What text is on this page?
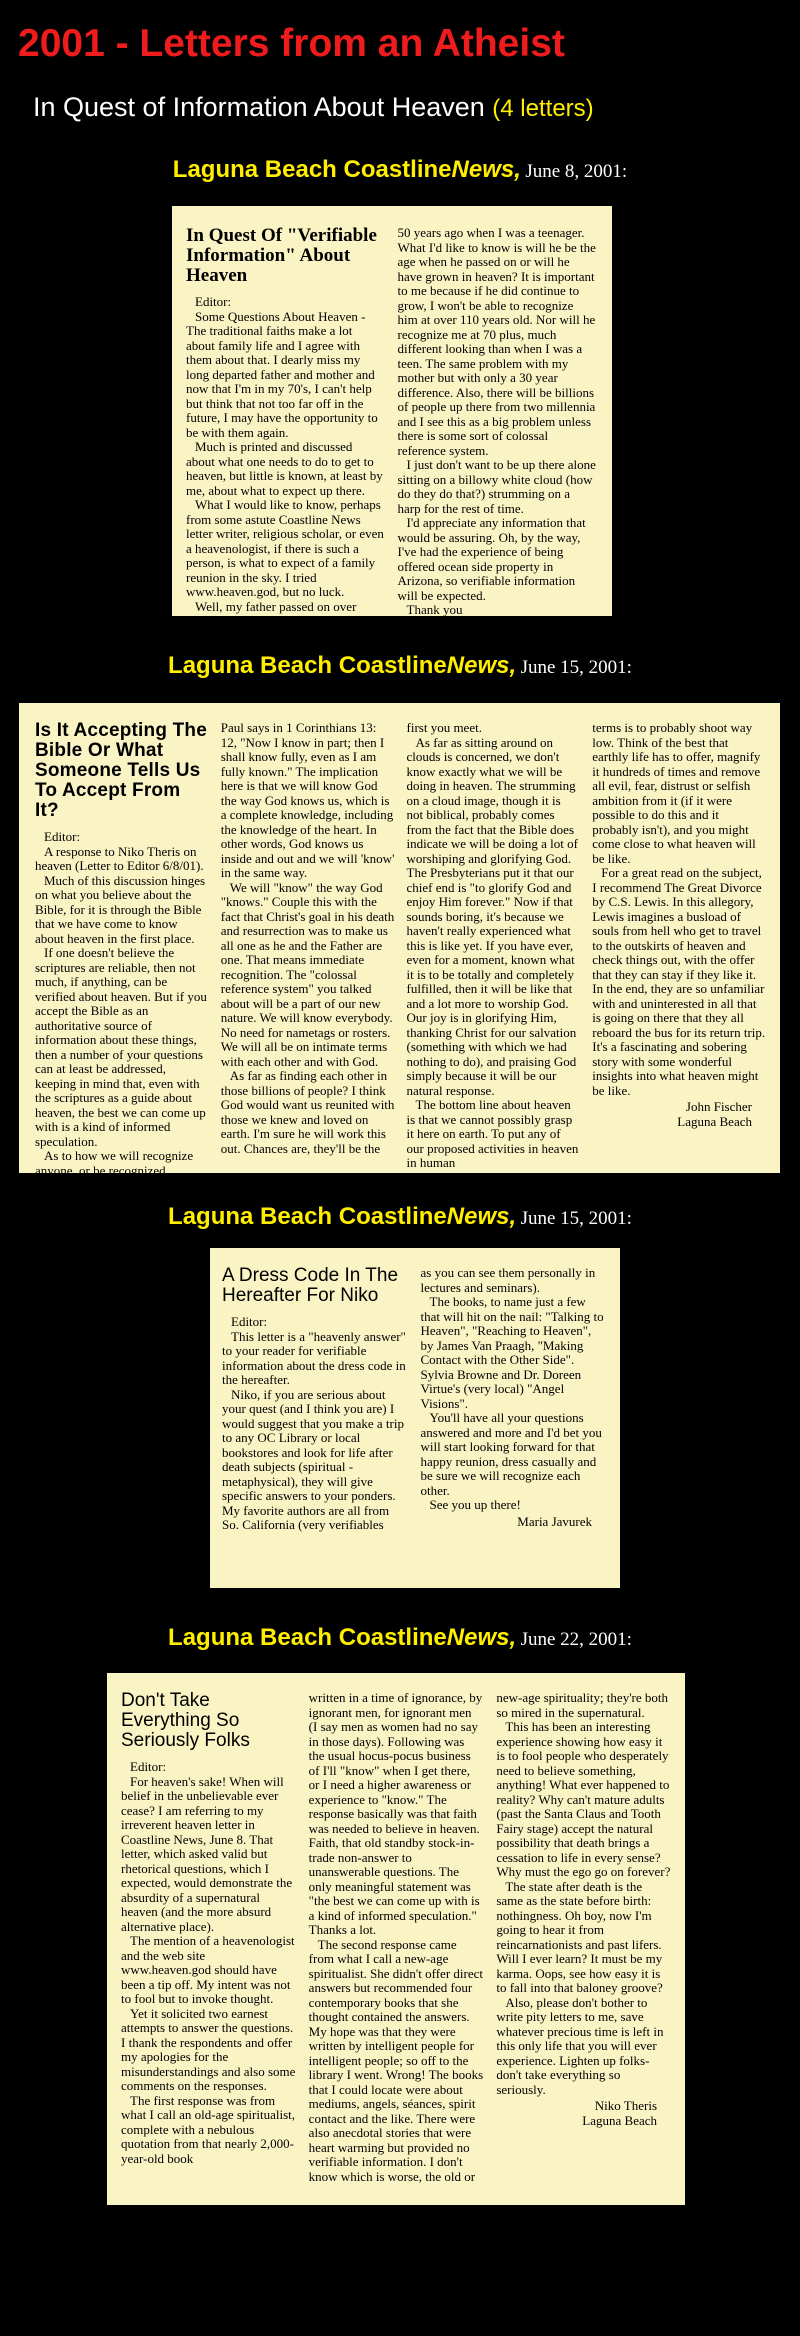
2001 - Letters from an Atheist
In Quest of Information About Heaven (4 letters)
Laguna Beach CoastlineNews, June 8, 2001:
In Quest Of "Verifiable Information" About Heaven

Editor:

Some Questions About Heaven - The traditional faiths make a lot about family life and I agree with them about that. I dearly miss my long departed father and mother and now that I'm in my 70's, I can't help but think that not too far off in the future, I may have the opportunity to be with them again.

Much is printed and discussed about what one needs to do to get to heaven, but little is known, at least by me, about what to expect up there.

What I would like to know, perhaps from some astute Coastline News letter writer, religious scholar, or even a heavenologist, if there is such a person, is what to expect of a family reunion in the sky. I tried www.heaven.god, but no luck.

Well, my father passed on over

50 years ago when I was a teenager. What I'd like to know is will he be the age when he passed on or will he have grown in heaven? It is important to me because if he did continue to grow, I won't be able to recognize him at over 110 years old. Nor will he recognize me at 70 plus, much different looking than when I was a teen. The same problem with my mother but with only a 30 year difference. Also, there will be billions of people up there from two millennia and I see this as a big problem unless there is some sort of colossal reference system.

I just don't want to be up there alone sitting on a billowy white cloud (how do they do that?) strumming on a harp for the rest of time.

I'd appreciate any information that would be assuring. Oh, by the way, I've had the experience of being offered ocean side property in Arizona, so verifiable information will be expected.

Thank you

Niko Theris
Laguna Beach
Laguna Beach CoastlineNews, June 15, 2001:
Is It Accepting The Bible Or What Someone Tells Us To Accept From It?

Editor:

A response to Niko Theris on heaven (Letter to Editor 6/8/01).

Much of this discussion hinges on what you believe about the Bible, for it is through the Bible that we have come to know about heaven in the first place.

If one doesn't believe the scriptures are reliable, then not much, if anything, can be verified about heaven. But if you accept the Bible as an authoritative source of information about these things, then a number of your questions can at least be addressed, keeping in mind that, even with the scriptures as a guide about heaven, the best we can come up with is a kind of informed speculation.

As to how we will recognize anyone, or be recognized,

Paul says in 1 Corinthians 13: 12, "Now I know in part; then I shall know fully, even as I am fully known." The implication here is that we will know God the way God knows us, which is a complete knowledge, including the knowledge of the heart. In other words, God knows us inside and out and we will 'know' in the same way.

We will "know" the way God "knows." Couple this with the fact that Christ's goal in his death and resurrection was to make us all one as he and the Father are one. That means immediate recognition. The "colossal reference system" you talked about will be a part of our new nature. We will know everybody. No need for nametags or rosters. We will all be on intimate terms with each other and with God.

As far as finding each other in those billions of people? I think God would want us reunited with those we knew and loved on earth. I'm sure he will work this out. Chances are, they'll be the

first you meet.

As far as sitting around on clouds is concerned, we don't know exactly what we will be doing in heaven. The strumming on a cloud image, though it is not biblical, probably comes from the fact that the Bible does indicate we will be doing a lot of worshiping and glorifying God. The Presbyterians put it that our chief end is "to glorify God and enjoy Him forever." Now if that sounds boring, it's because we haven't really experienced what this is like yet. If you have ever, even for a moment, known what it is to be totally and completely fulfilled, then it will be like that and a lot more to worship God. Our joy is in glorifying Him, thanking Christ for our salvation (something with which we had nothing to do), and praising God simply because it will be our natural response.

The bottom line about heaven is that we cannot possibly grasp it here on earth. To put any of our proposed activities in heaven in human

terms is to probably shoot way low. Think of the best that earthly life has to offer, magnify it hundreds of times and remove all evil, fear, distrust or selfish ambition from it (if it were possible to do this and it probably isn't), and you might come close to what heaven will be like.

For a great read on the subject, I recommend The Great Divorce by C.S. Lewis. In this allegory, Lewis imagines a busload of souls from hell who get to travel to the outskirts of heaven and check things out, with the offer that they can stay if they like it. In the end, they are so unfamiliar with and uninterested in all that is going on there that they all reboard the bus for its return trip. It's a fascinating and sobering story with some wonderful insights into what heaven might be like.

John Fischer
Laguna Beach
Laguna Beach CoastlineNews, June 15, 2001:
A Dress Code In The Hereafter For Niko

Editor:

This letter is a "heavenly answer" to your reader for verifiable information about the dress code in the hereafter.

Niko, if you are serious about your quest (and I think you are) I would suggest that you make a trip to any OC Library or local bookstores and look for life after death subjects (spiritual - metaphysical), they will give specific answers to your ponders. My favorite authors are all from So. California (very verifiables

as you can see them personally in lectures and seminars).

The books, to name just a few that will hit on the nail: "Talking to Heaven", "Reaching to Heaven", by James Van Praagh, "Making Contact with the Other Side". Sylvia Browne and Dr. Doreen Virtue's (very local) "Angel Visions".

You'll have all your questions answered and more and I'd bet you will start looking forward for that happy reunion, dress casually and be sure we will recognize each other.

See you up there!

Maria Javurek
Laguna Beach CoastlineNews, June 22, 2001:
Don't Take Everything So Seriously Folks

Editor:

For heaven's sake! When will belief in the unbelievable ever cease? I am referring to my irreverent heaven letter in Coastline News, June 8. That letter, which asked valid but rhetorical questions, which I expected, would demonstrate the absurdity of a supernatural heaven (and the more absurd alternative place).

The mention of a heavenologist and the web site www.heaven.god should have been a tip off. My intent was not to fool but to invoke thought.

Yet it solicited two earnest attempts to answer the questions. I thank the respondents and offer my apologies for the misunderstandings and also some comments on the responses.

The first response was from what I call an old-age spiritualist, complete with a nebulous quotation from that nearly 2,000-year-old book

written in a time of ignorance, by ignorant men, for ignorant men (I say men as women had no say in those days). Following was the usual hocus-pocus business of I'll "know" when I get there, or I need a higher awareness or experience to "know." The response basically was that faith was needed to believe in heaven. Faith, that old standby stock-in-trade non-answer to unanswerable questions. The only meaningful statement was "the best we can come up with is a kind of informed speculation." Thanks a lot.

The second response came from what I call a new-age spiritualist. She didn't offer direct answers but recommended four contemporary books that she thought contained the answers. My hope was that they were written by intelligent people for intelligent people; so off to the library I went. Wrong! The books that I could locate were about mediums, angels, séances, spirit contact and the like. There were also anecdotal stories that were heart warming but provided no verifiable information. I don't know which is worse, the old or

new-age spirituality; they're both so mired in the supernatural.

This has been an interesting experience showing how easy it is to fool people who desperately need to believe something, anything! What ever happened to reality? Why can't mature adults (past the Santa Claus and Tooth Fairy stage) accept the natural possibility that death brings a cessation to life in every sense? Why must the ego go on forever?

The state after death is the same as the state before birth: nothingness. Oh boy, now I'm going to hear it from reincarnationists and past lifers. Will I ever learn? It must be my karma. Oops, see how easy it is to fall into that baloney groove?

Also, please don't bother to write pity letters to me, save whatever precious time is left in this only life that you will ever experience. Lighten up folks-don't take everything so seriously.

Niko Theris
Laguna Beach
